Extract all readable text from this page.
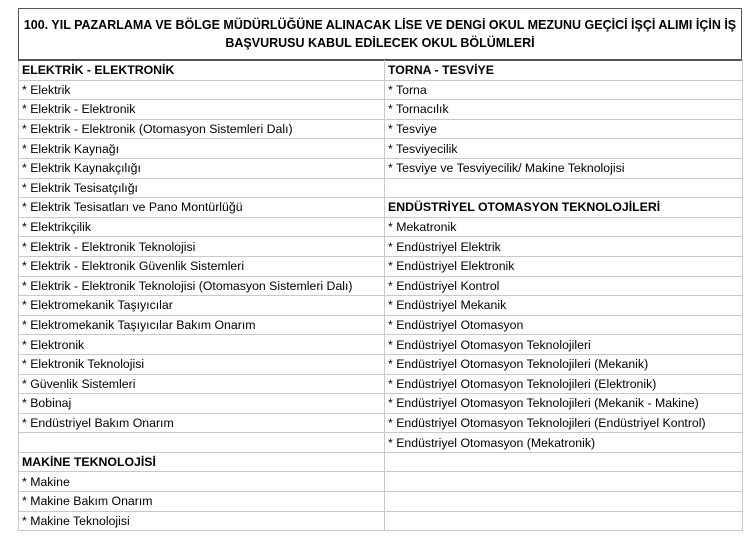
100. YIL PAZARLAMA VE BÖLGE MÜDÜRLÜĞÜNE ALINACAK LİSE VE DENGİ OKUL MEZUNU GEÇİCİ İŞÇİ ALIMI İÇİN İŞ
BAŞVURUSU KABUL EDİLECEK OKUL BÖLÜMLERİ
ELEKTRİK - ELEKTRONİK	TORNA - TESVİYE
* Elektrik	* Torna
* Elektrik - Elektronik	* Tornacılık
* Elektrik - Elektronik (Otomasyon Sistemleri Dalı)	* Tesviye
* Elektrik Kaynağı	* Tesviyecilik
* Elektrik Kaynakçılığı	* Tesviye ve Tesviyecilik/ Makine Teknolojisi
* Elektrik Tesisatçılığı	
* Elektrik Tesisatları ve Pano Montürlüğü	ENDÜSTRİYEL OTOMASYON TEKNOLOJİLERİ
* Elektrikçilik	* Mekatronik
* Elektrik - Elektronik Teknolojisi	* Endüstriyel Elektrik
* Elektrik - Elektronik Güvenlik Sistemleri	* Endüstriyel Elektronik
* Elektrik - Elektronik Teknolojisi (Otomasyon Sistemleri Dalı)	* Endüstriyel Kontrol
* Elektromekanik Taşıyıcılar	* Endüstriyel Mekanik
* Elektromekanik Taşıyıcılar Bakım Onarım	* Endüstriyel Otomasyon
* Elektronik	* Endüstriyel Otomasyon Teknolojileri
* Elektronik Teknolojisi	* Endüstriyel Otomasyon Teknolojileri (Mekanik)
* Güvenlik Sistemleri	* Endüstriyel Otomasyon Teknolojileri (Elektronik)
* Bobinaj	* Endüstriyel Otomasyon Teknolojileri (Mekanik - Makine)
* Endüstriyel Bakım Onarım	* Endüstriyel Otomasyon Teknolojileri (Endüstriyel Kontrol)
	* Endüstriyel Otomasyon (Mekatronik)
MAKİNE TEKNOLOJİSİ	
* Makine	
* Makine Bakım Onarım	
* Makine Teknolojisi	
